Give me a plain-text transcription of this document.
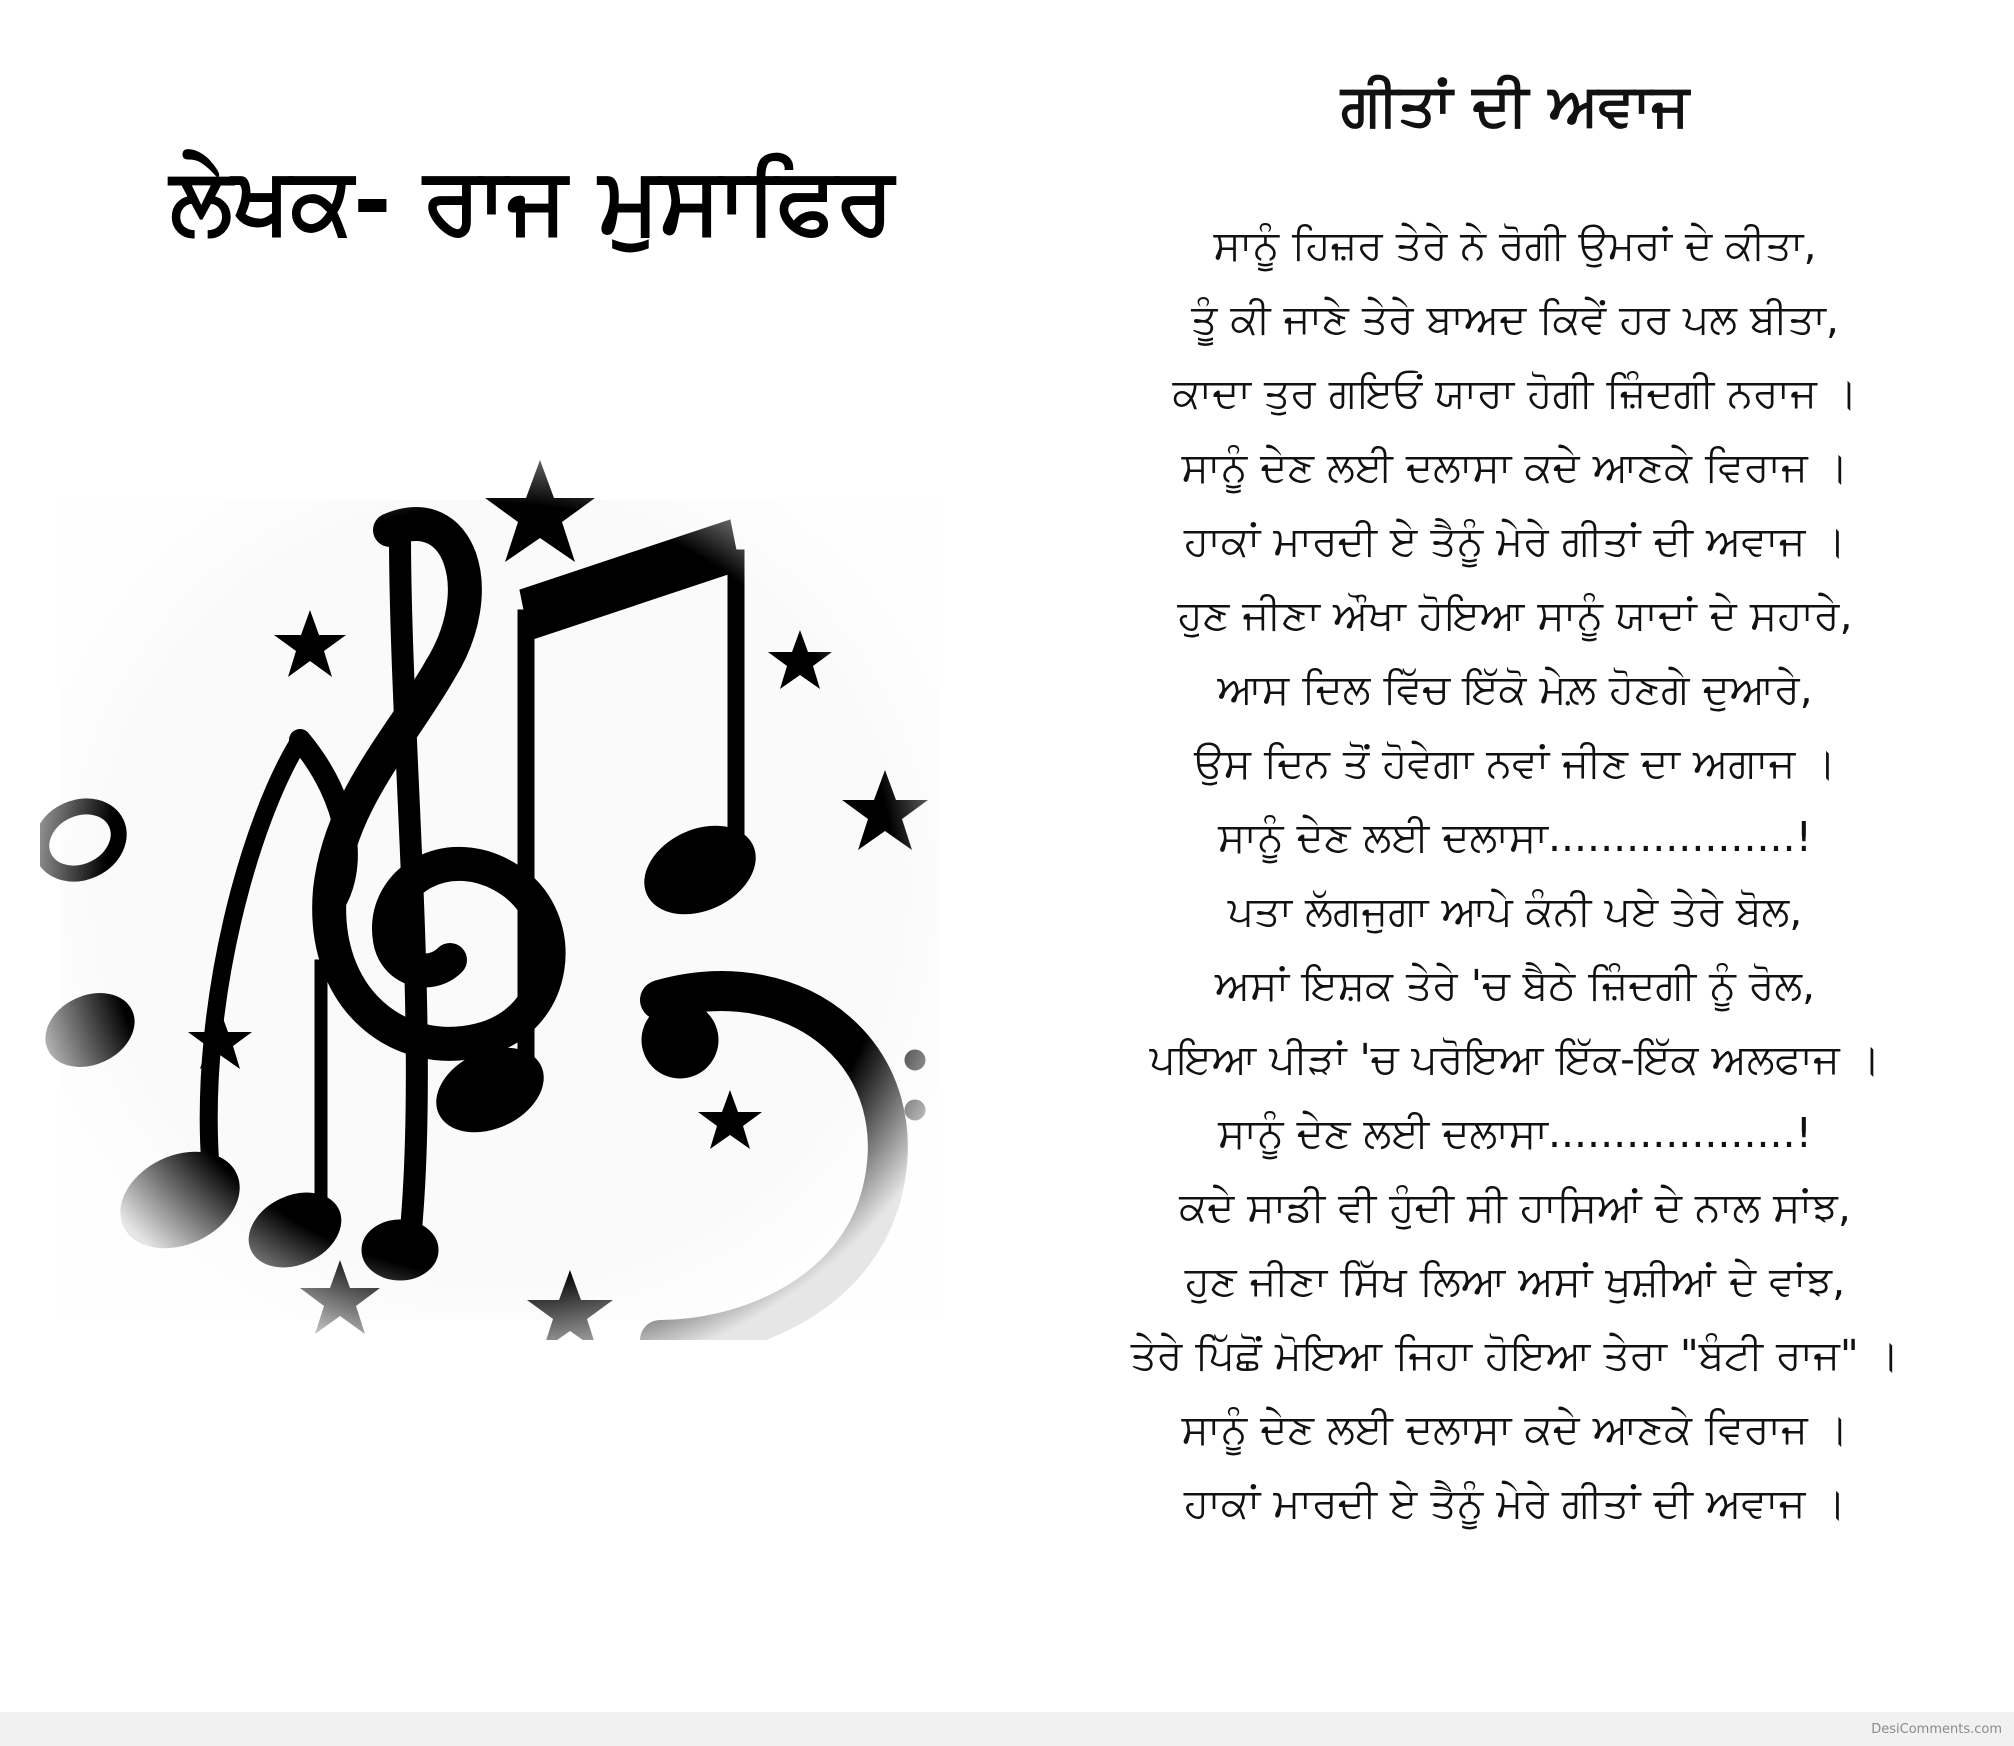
ਲੇਖਕ- ਰਾਜ ਮੁਸਾਫਿਰ
ਗੀਤਾਂ ਦੀ ਅਵਾਜ
ਸਾਨੂੰ ਹਿਜ਼ਰ ਤੇਰੇ ਨੇ ਰੋਗੀ ਉਮਰਾਂ ਦੇ ਕੀਤਾ,
ਤੂੰ ਕੀ ਜਾਣੇ ਤੇਰੇ ਬਾਅਦ ਕਿਵੇਂ ਹਰ ਪਲ ਬੀਤਾ,
ਕਾਦਾ ਤੁਰ ਗਇਓਂ ਯਾਰਾ ਹੋਗੀ ਜ਼ਿੰਦਗੀ ਨਰਾਜ ।
ਸਾਨੂੰ ਦੇਣ ਲਈ ਦਲਾਸਾ ਕਦੇ ਆਣਕੇ ਵਿਰਾਜ ।
ਹਾਕਾਂ ਮਾਰਦੀ ਏ ਤੈਨੂੰ ਮੇਰੇ ਗੀਤਾਂ ਦੀ ਅਵਾਜ ।
ਹੁਣ ਜੀਣਾ ਔਖਾ ਹੋਇਆ ਸਾਨੂੰ ਯਾਦਾਂ ਦੇ ਸਹਾਰੇ,
ਆਸ ਦਿਲ ਵਿੱਚ ਇੱਕੋ ਮੇਲ਼ ਹੋਣਗੇ ਦੁਆਰੇ,
ਉਸ ਦਿਨ ਤੋਂ ਹੋਵੇਗਾ ਨਵਾਂ ਜੀਣ ਦਾ ਅਗਾਜ ।
ਸਾਨੂੰ ਦੇਣ ਲਈ ਦਲਾਸਾ...................!
ਪਤਾ ਲੱਗਜੁਗਾ ਆਪੇ ਕੰਨੀ ਪਏ ਤੇਰੇ ਬੋਲ,
ਅਸਾਂ ਇਸ਼ਕ ਤੇਰੇ 'ਚ ਬੈਠੇ ਜ਼ਿੰਦਗੀ ਨੂੰ ਰੋਲ,
ਪਇਆ ਪੀੜਾਂ 'ਚ ਪਰੋਇਆ ਇੱਕ-ਇੱਕ ਅਲਫਾਜ ।
ਸਾਨੂੰ ਦੇਣ ਲਈ ਦਲਾਸਾ...................!
ਕਦੇ ਸਾਡੀ ਵੀ ਹੁੰਦੀ ਸੀ ਹਾਸਿਆਂ ਦੇ ਨਾਲ ਸਾਂਝ,
ਹੁਣ ਜੀਣਾ ਸਿੱਖ ਲਿਆ ਅਸਾਂ ਖੁਸ਼ੀਆਂ ਦੇ ਵਾਂਝ,
ਤੇਰੇ ਪਿੱਛੋਂ ਮੋਇਆ ਜਿਹਾ ਹੋਇਆ ਤੇਰਾ "ਬੰਟੀ ਰਾਜ" ।
ਸਾਨੂੰ ਦੇਣ ਲਈ ਦਲਾਸਾ ਕਦੇ ਆਣਕੇ ਵਿਰਾਜ ।
ਹਾਕਾਂ ਮਾਰਦੀ ਏ ਤੈਨੂੰ ਮੇਰੇ ਗੀਤਾਂ ਦੀ ਅਵਾਜ ।
DesiComments.com
